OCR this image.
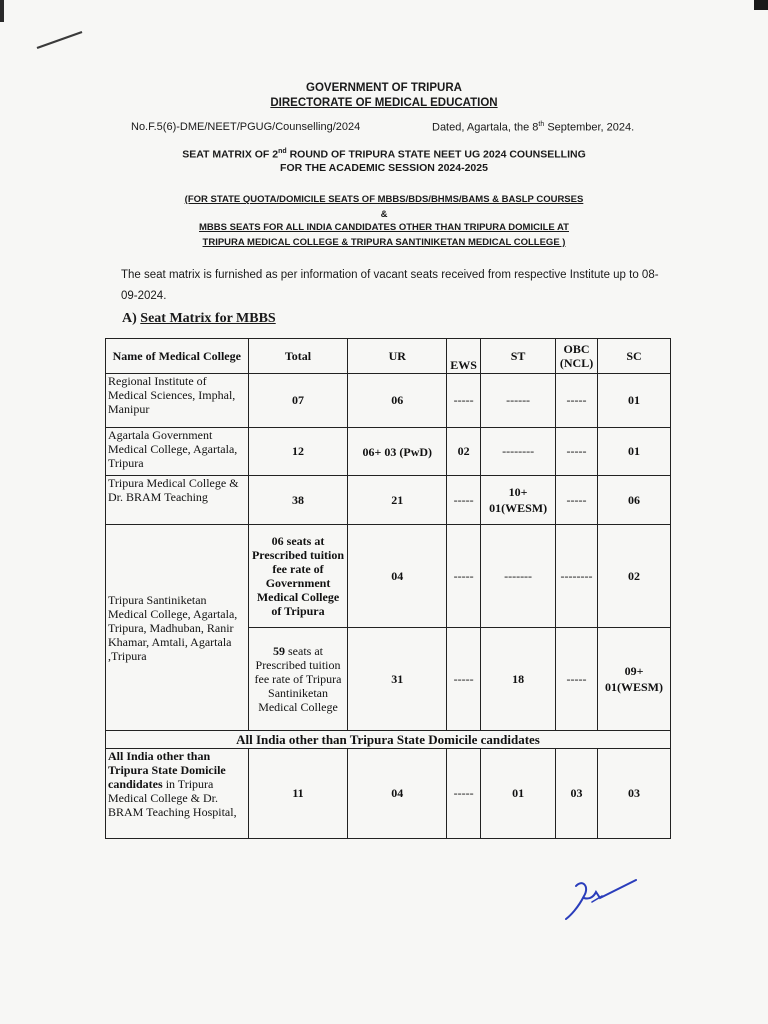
GOVERNMENT OF TRIPURA
DIRECTORATE OF MEDICAL EDUCATION
No.F.5(6)-DME/NEET/PGUG/Counselling/2024	Dated, Agartala, the 8th September, 2024.
SEAT MATRIX OF 2nd ROUND OF TRIPURA STATE NEET UG 2024 COUNSELLING
FOR THE ACADEMIC SESSION 2024-2025
(FOR STATE QUOTA/DOMICILE SEATS OF MBBS/BDS/BHMS/BAMS & BASLP COURSES
&
MBBS SEATS FOR ALL INDIA CANDIDATES OTHER THAN TRIPURA DOMICILE AT
TRIPURA MEDICAL COLLEGE & TRIPURA SANTINIKETAN MEDICAL COLLEGE )
The seat matrix is furnished as per information of vacant seats received from respective Institute up to 08-09-2024.
A) Seat Matrix for MBBS
Name of Medical College	Total	UR	EWS	ST	OBC (NCL)	SC
Regional Institute of Medical Sciences, Imphal, Manipur	07	06	-----	------	-----	01
Agartala Government Medical College, Agartala, Tripura	12	06+ 03 (PwD)	02	--------	-----	01
Tripura Medical College & Dr. BRAM Teaching	38	21	-----	10+ 01(WESM)	-----	06
Tripura Santiniketan Medical College, Agartala, Tripura, Madhuban, Ranir Khamar, Amtali, Agartala ,Tripura	06 seats at Prescribed tuition fee rate of Government Medical College of Tripura	04	-----	-------	--------	02
	59 seats at Prescribed tuition fee rate of Tripura Santiniketan Medical College	31	-----	18	-----	09+ 01(WESM)
All India other than Tripura State Domicile candidates						
All India other than Tripura State Domicile candidates in Tripura Medical College & Dr. BRAM Teaching Hospital,	11	04	-----	01	03	03
